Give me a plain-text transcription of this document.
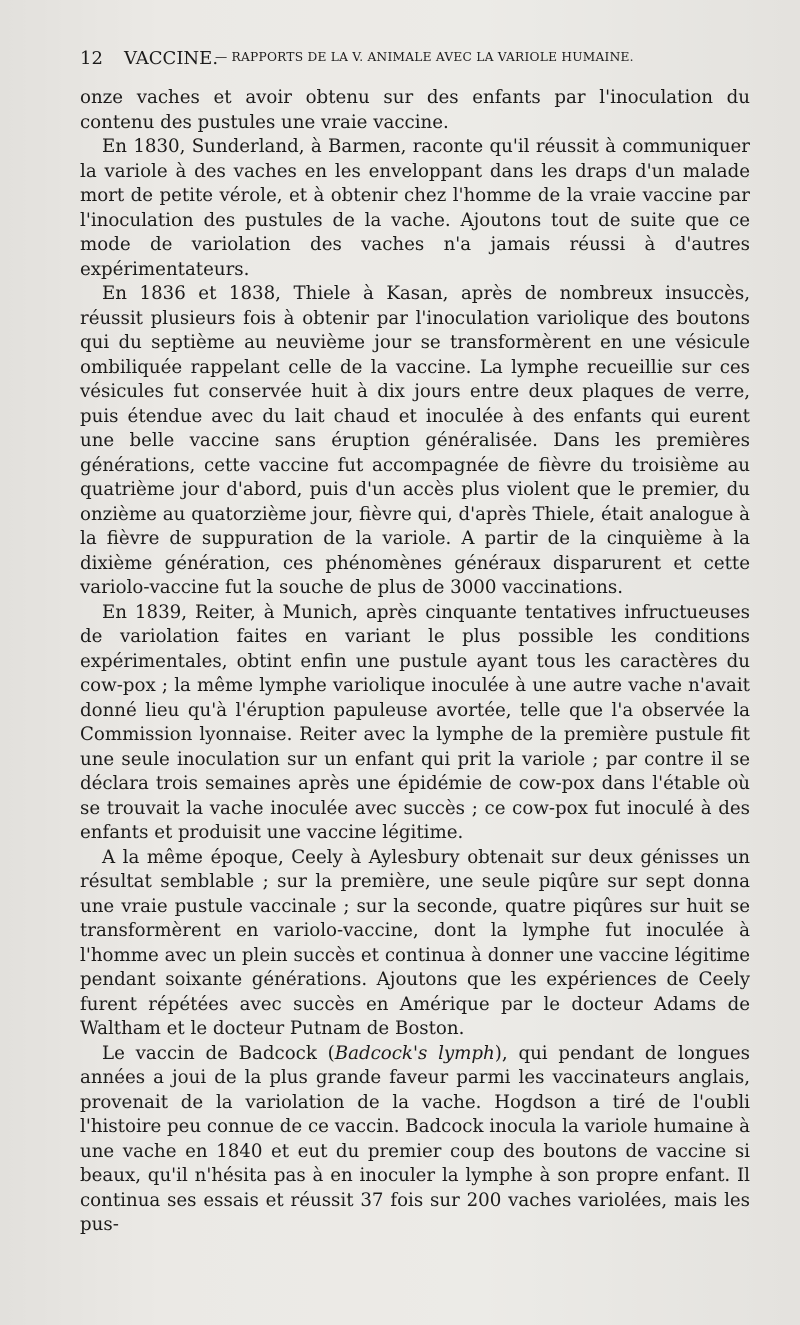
12 VACCINE.
— RAPPORTS DE LA V. ANIMALE AVEC LA VARIOLE HUMAINE.

onze vaches et avoir obtenu sur des enfants par l'inoculation du contenu des pustules une vraie vaccine.

En 1830, Sunderland, à Barmen, raconte qu'il réussit à communiquer la variole à des vaches en les enveloppant dans les draps d'un malade mort de petite vérole, et à obtenir chez l'homme de la vraie vaccine par l'inoculation des pustules de la vache. Ajoutons tout de suite que ce mode de variolation des vaches n'a jamais réussi à d'autres expérimentateurs.

En 1836 et 1838, Thiele à Kasan, après de nombreux insuccès, réussit plusieurs fois à obtenir par l'inoculation variolique des boutons qui du septième au neuvième jour se transformèrent en une vésicule ombiliquée rappelant celle de la vaccine. La lymphe recueillie sur ces vésicules fut conservée huit à dix jours entre deux plaques de verre, puis étendue avec du lait chaud et inoculée à des enfants qui eurent une belle vaccine sans éruption généralisée. Dans les premières générations, cette vaccine fut accompagnée de fièvre du troisième au quatrième jour d'abord, puis d'un accès plus violent que le premier, du onzième au quatorzième jour, fièvre qui, d'après Thiele, était analogue à la fièvre de suppuration de la variole. A partir de la cinquième à la dixième génération, ces phénomènes généraux disparurent et cette variolo-vaccine fut la souche de plus de 3000 vaccinations.

En 1839, Reiter, à Munich, après cinquante tentatives infructueuses de variolation faites en variant le plus possible les conditions expérimentales, obtint enfin une pustule ayant tous les caractères du cow-pox ; la même lymphe variolique inoculée à une autre vache n'avait donné lieu qu'à l'éruption papuleuse avortée, telle que l'a observée la Commission lyonnaise. Reiter avec la lymphe de la première pustule fit une seule inoculation sur un enfant qui prit la variole ; par contre il se déclara trois semaines après une épidémie de cow-pox dans l'étable où se trouvait la vache inoculée avec succès ; ce cow-pox fut inoculé à des enfants et produisit une vaccine légitime.

A la même époque, Ceely à Aylesbury obtenait sur deux génisses un résultat semblable ; sur la première, une seule piqûre sur sept donna une vraie pustule vaccinale ; sur la seconde, quatre piqûres sur huit se transformèrent en variolo-vaccine, dont la lymphe fut inoculée à l'homme avec un plein succès et continua à donner une vaccine légitime pendant soixante générations. Ajoutons que les expériences de Ceely furent répétées avec succès en Amérique par le docteur Adams de Waltham et le docteur Putnam de Boston.

Le vaccin de Badcock (Badcock's lymph), qui pendant de longues années a joui de la plus grande faveur parmi les vaccinateurs anglais, provenait de la variolation de la vache. Hogdson a tiré de l'oubli l'histoire peu connue de ce vaccin. Badcock inocula la variole humaine à une vache en 1840 et eut du premier coup des boutons de vaccine si beaux, qu'il n'hésita pas à en inoculer la lymphe à son propre enfant. Il continua ses essais et réussit 37 fois sur 200 vaches variolées, mais les pus-
